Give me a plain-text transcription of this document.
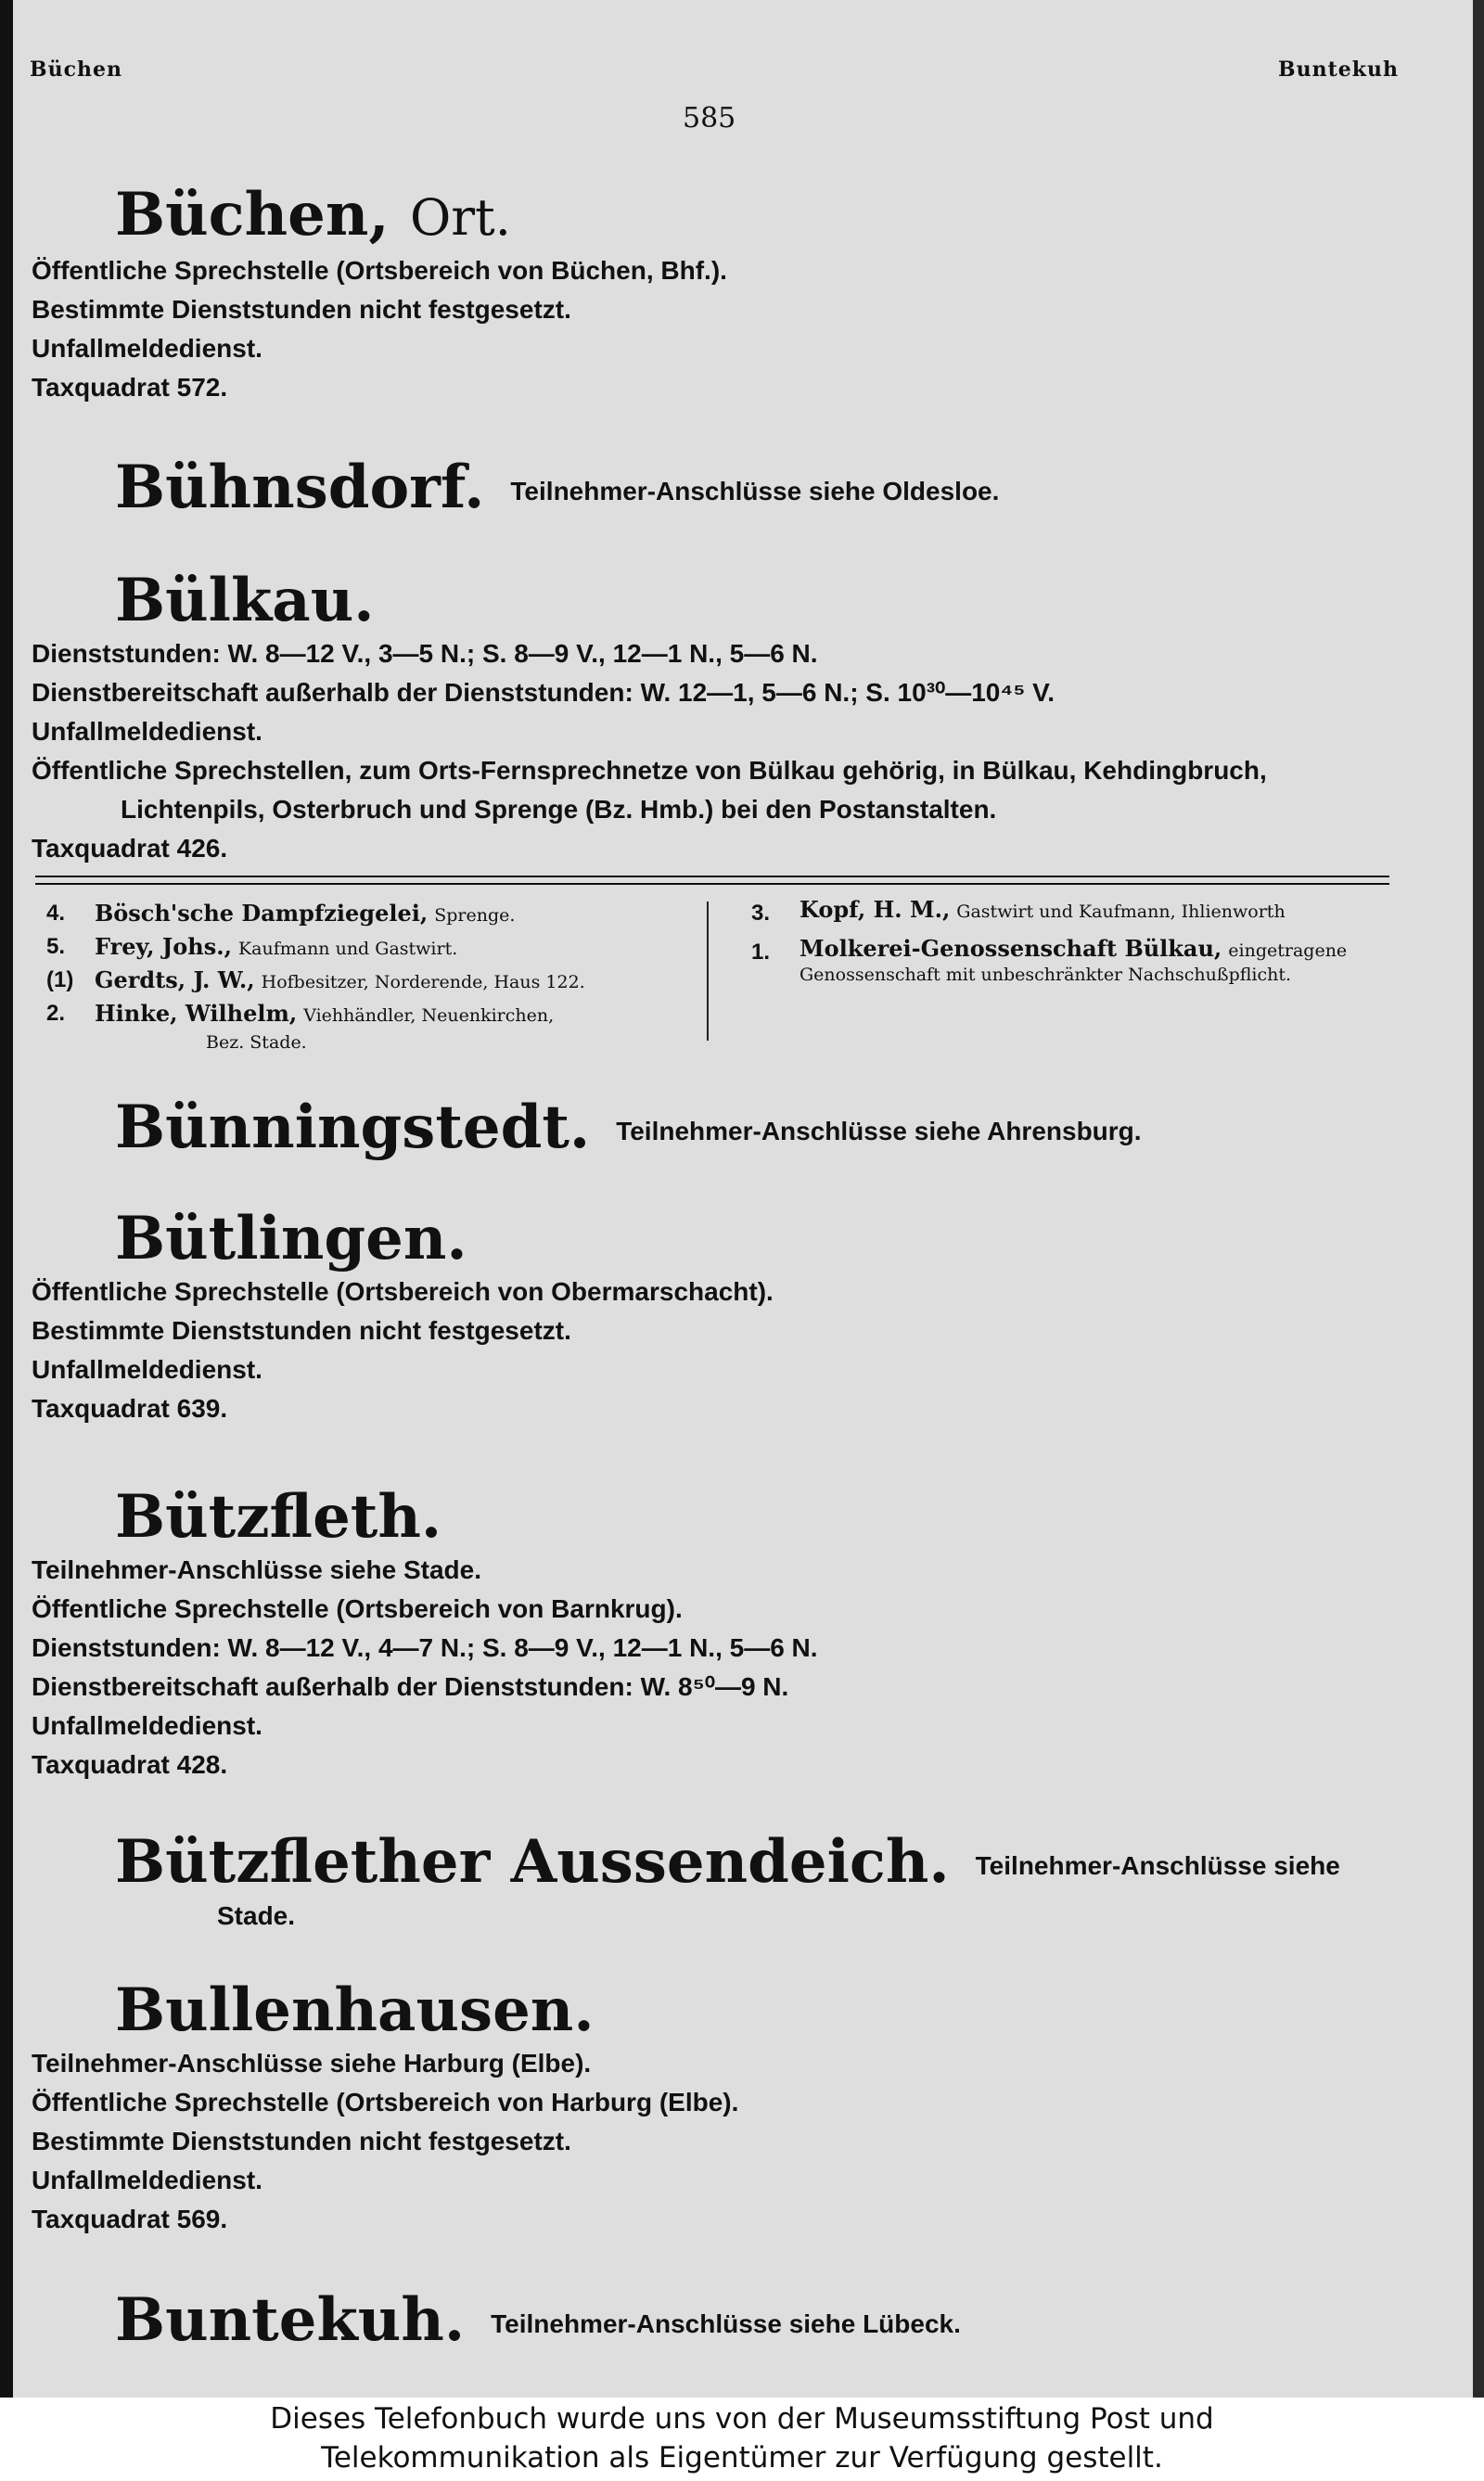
Büchen	Buntekuh
585
Büchen, Ort.
Öffentliche Sprechstelle (Ortsbereich von Büchen, Bhf.).
Bestimmte Dienststunden nicht festgesetzt.
Unfallmeldedienst.
Taxquadrat 572.
Bühnsdorf. Teilnehmer-Anschlüsse siehe Oldesloe.
Bülkau.
Dienststunden: W. 8—12 V., 3—5 N.; S. 8—9 V., 12—1 N., 5—6 N.
Dienstbereitschaft außerhalb der Dienststunden: W. 12—1, 5—6 N.; S. 10³⁰—10⁴⁵ V.
Unfallmeldedienst.
Öffentliche Sprechstellen, zum Orts-Fernsprechnetze von Bülkau gehörig, in Bülkau, Kehdingbruch,
Lichtenpils, Osterbruch und Sprenge (Bz. Hmb.) bei den Postanstalten.
Taxquadrat 426.
4.	Bösch'sche Dampfziegelei, Sprenge.
5.	Frey, Johs., Kaufmann und Gastwirt.
(1) Gerdts, J. W., Hofbesitzer, Norderende, Haus 122.
2.	Hinke, Wilhelm, Viehhändler, Neuenkirchen,
Bez. Stade.
3.	Kopf, H. M., Gastwirt und Kaufmann, Ihlienworth
1.	Molkerei-Genossenschaft Bülkau, eingetragene Genossenschaft mit unbeschränkter Nachschußpflicht.
Bünningstedt. Teilnehmer-Anschlüsse siehe Ahrensburg.
Bütlingen.
Öffentliche Sprechstelle (Ortsbereich von Obermarschacht).
Bestimmte Dienststunden nicht festgesetzt.
Unfallmeldedienst.
Taxquadrat 639.
Bützfleth.
Teilnehmer-Anschlüsse siehe Stade.
Öffentliche Sprechstelle (Ortsbereich von Barnkrug).
Dienststunden: W. 8—12 V., 4—7 N.; S. 8—9 V., 12—1 N., 5—6 N.
Dienstbereitschaft außerhalb der Dienststunden: W. 8⁵⁰—9 N.
Unfallmeldedienst.
Taxquadrat 428.
Bützflether Aussendeich. Teilnehmer-Anschlüsse siehe
Stade.
Bullenhausen.
Teilnehmer-Anschlüsse siehe Harburg (Elbe).
Öffentliche Sprechstelle (Ortsbereich von Harburg (Elbe).
Bestimmte Dienststunden nicht festgesetzt.
Unfallmeldedienst.
Taxquadrat 569.
Buntekuh. Teilnehmer-Anschlüsse siehe Lübeck.
Dieses Telefonbuch wurde uns von der Museumsstiftung Post und
Telekommunikation als Eigentümer zur Verfügung gestellt.
